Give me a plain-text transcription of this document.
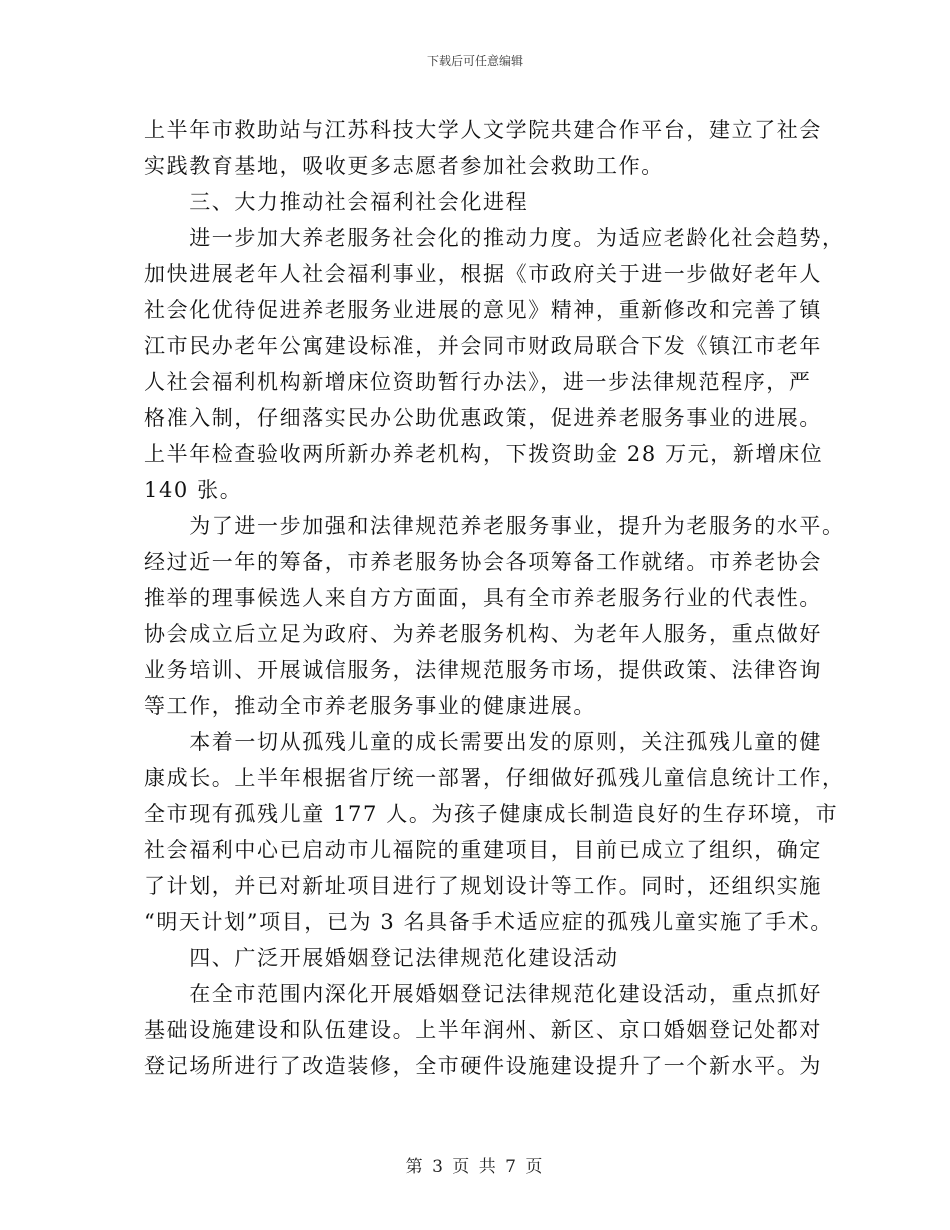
下载后可任意编辑
上半年市救助站与江苏科技大学人文学院共建合作平台，建立了社会
实践教育基地，吸收更多志愿者参加社会救助工作。
　　三、大力推动社会福利社会化进程
　　进一步加大养老服务社会化的推动力度。为适应老龄化社会趋势，
加快进展老年人社会福利事业，根据《市政府关于进一步做好老年人
社会化优待促进养老服务业进展的意见》精神，重新修改和完善了镇
江市民办老年公寓建设标准，并会同市财政局联合下发《镇江市老年
人社会福利机构新增床位资助暂行办法》，进一步法律规范程序，严
格准入制，仔细落实民办公助优惠政策，促进养老服务事业的进展。
上半年检查验收两所新办养老机构，下拨资助金 28 万元，新增床位
140 张。
　　为了进一步加强和法律规范养老服务事业，提升为老服务的水平。
经过近一年的筹备，市养老服务协会各项筹备工作就绪。市养老协会
推举的理事候选人来自方方面面，具有全市养老服务行业的代表性。
协会成立后立足为政府、为养老服务机构、为老年人服务，重点做好
业务培训、开展诚信服务，法律规范服务市场，提供政策、法律咨询
等工作，推动全市养老服务事业的健康进展。
　　本着一切从孤残儿童的成长需要出发的原则，关注孤残儿童的健
康成长。上半年根据省厅统一部署，仔细做好孤残儿童信息统计工作，
全市现有孤残儿童 177 人。为孩子健康成长制造良好的生存环境，市
社会福利中心已启动市儿福院的重建项目，目前已成立了组织，确定
了计划，并已对新址项目进行了规划设计等工作。同时，还组织实施
“明天计划”项目，已为 3 名具备手术适应症的孤残儿童实施了手术。
　　四、广泛开展婚姻登记法律规范化建设活动
　　在全市范围内深化开展婚姻登记法律规范化建设活动，重点抓好
基础设施建设和队伍建设。上半年润州、新区、京口婚姻登记处都对
登记场所进行了改造装修，全市硬件设施建设提升了一个新水平。为
第 3 页 共 7 页
